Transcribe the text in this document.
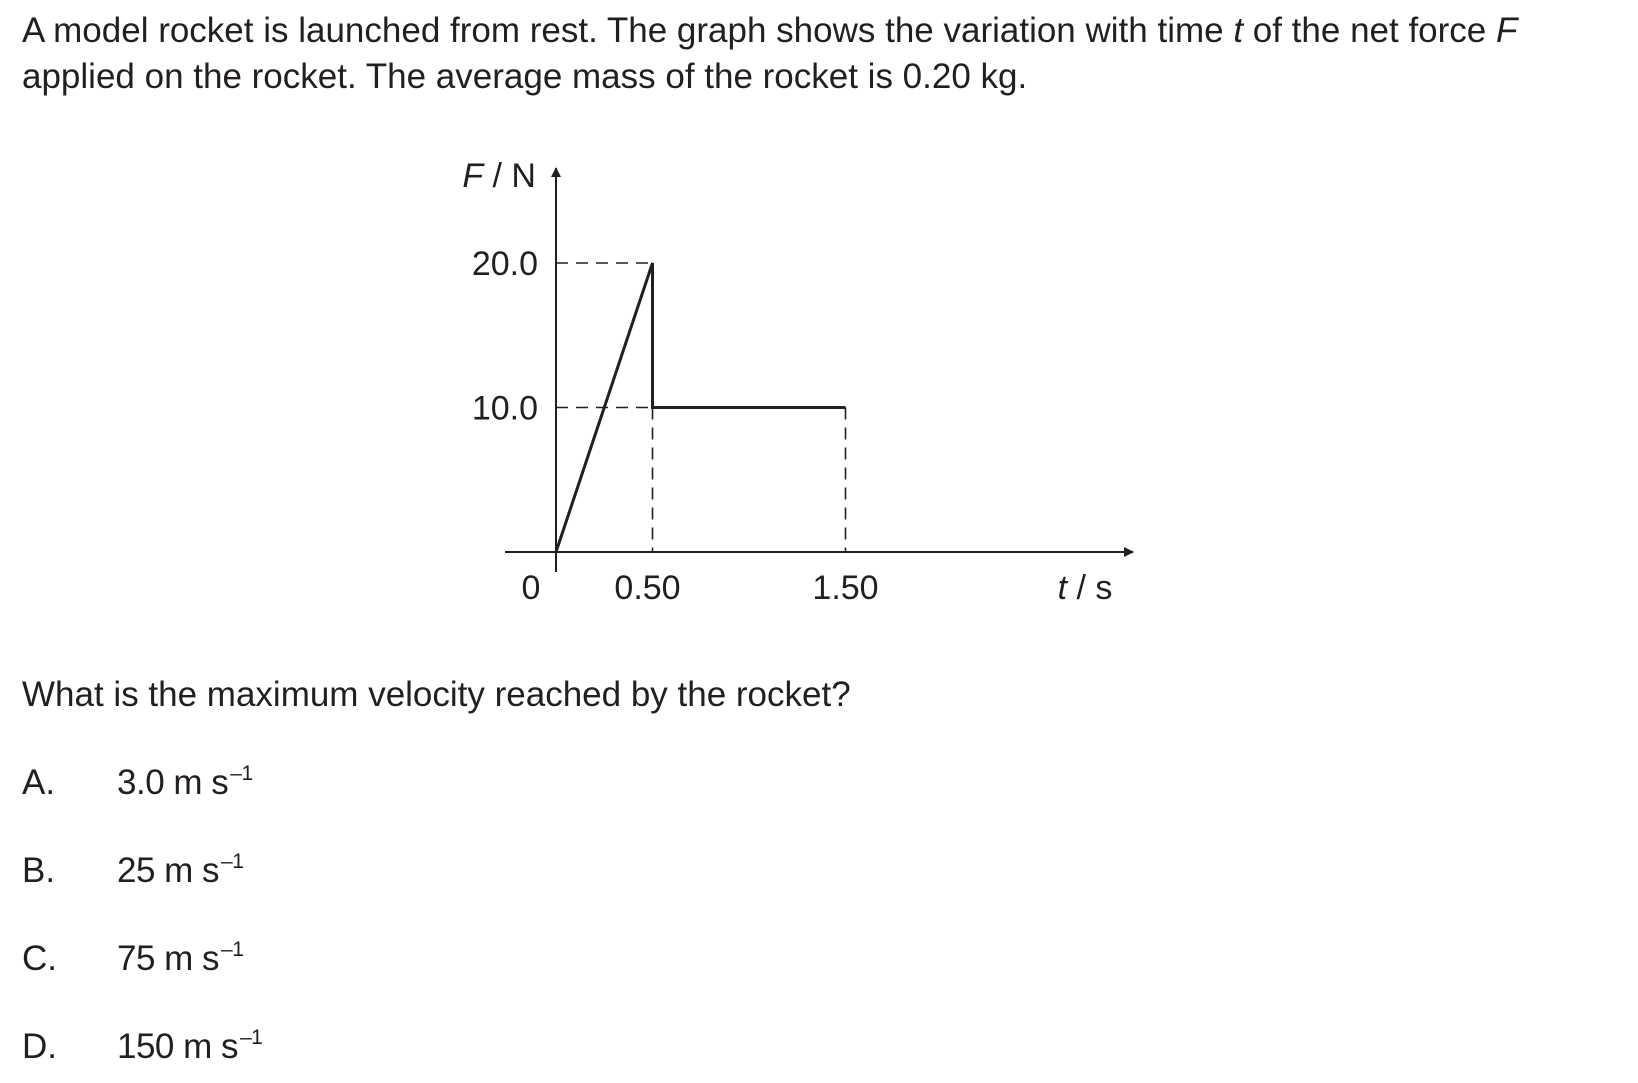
A model rocket is launched from rest. The graph shows the variation with time t of the net force F applied on the rocket. The average mass of the rocket is 0.20 kg.

10.0
20.0
0 0.50	1.50
F / N
t / s

What is the maximum velocity reached by the rocket?

A. 3.0 m $s^{-1}$
B. 25 m $s^{-1}$
C. 75 m $s^{-1}$
D. 150 m $s^{-1}$
